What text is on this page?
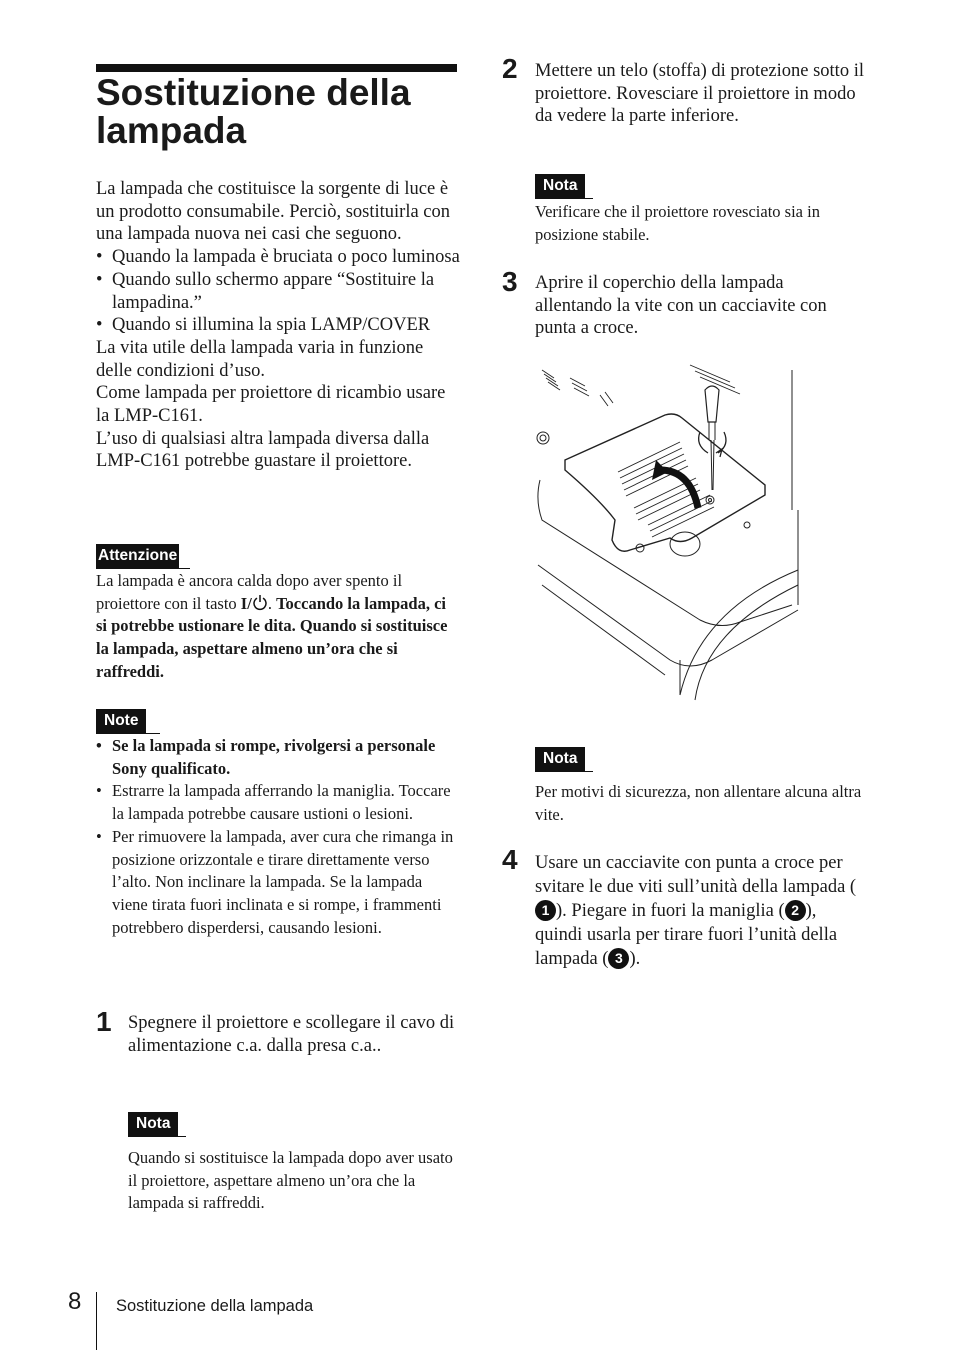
Sostituzione della lampada

La lampada che costituisce la sorgente di luce è un prodotto consumabile. Perciò, sostituirla con una lampada nuova nei casi che seguono.

• Quando la lampada è bruciata o poco luminosa
• Quando sullo schermo appare “Sostituire la lampadina.”
• Quando si illumina la spia LAMP/COVER

La vita utile della lampada varia in funzione delle condizioni d’uso.

Come lampada per proiettore di ricambio usare la LMP-C161.

L’uso di qualsiasi altra lampada diversa dalla LMP-C161 potrebbe guastare il proiettore.

Attenzione
La lampada è ancora calda dopo aver spento il proiettore con il tasto I/ . Toccando la lampada, ci si potrebbe ustionare le dita. Quando si sostituisce la lampada, aspettare almeno un’ora che si raffreddi.
Note
• Se la lampada si rompe, rivolgersi a personale Sony qualificato.
• Estrarre la lampada afferrando la maniglia. Toccare la lampada potrebbe causare ustioni o lesioni.
• Per rimuovere la lampada, aver cura che rimanga in posizione orizzontale e tirare direttamente verso l’alto. Non inclinare la lampada. Se la lampada viene tirata fuori inclinata e si rompe, i frammenti potrebbero disperdersi, causando lesioni.
1 Spegnere il proiettore e scollegare il cavo di alimentazione c.a. dalla presa c.a..
Nota
Quando si sostituisce la lampada dopo aver usato il proiettore, aspettare almeno un’ora che la lampada si raffreddi.
2 Mettere un telo (stoffa) di protezione sotto il proiettore. Rovesciare il proiettore in modo da vedere la parte inferiore.
Nota
Verificare che il proiettore rovesciato sia in posizione stabile.
3 Aprire il coperchio della lampada allentando la vite con un cacciavite con punta a croce.
Nota
Per motivi di sicurezza, non allentare alcuna altra vite.
4 Usare un cacciavite con punta a croce per svitare le due viti sull’unità della lampada (1 ). Piegare in fuori la maniglia ( 2 ), quindi usarla per tirare fuori l’unità della lampada ( 3 ).
8 Sostituzione della lampada
